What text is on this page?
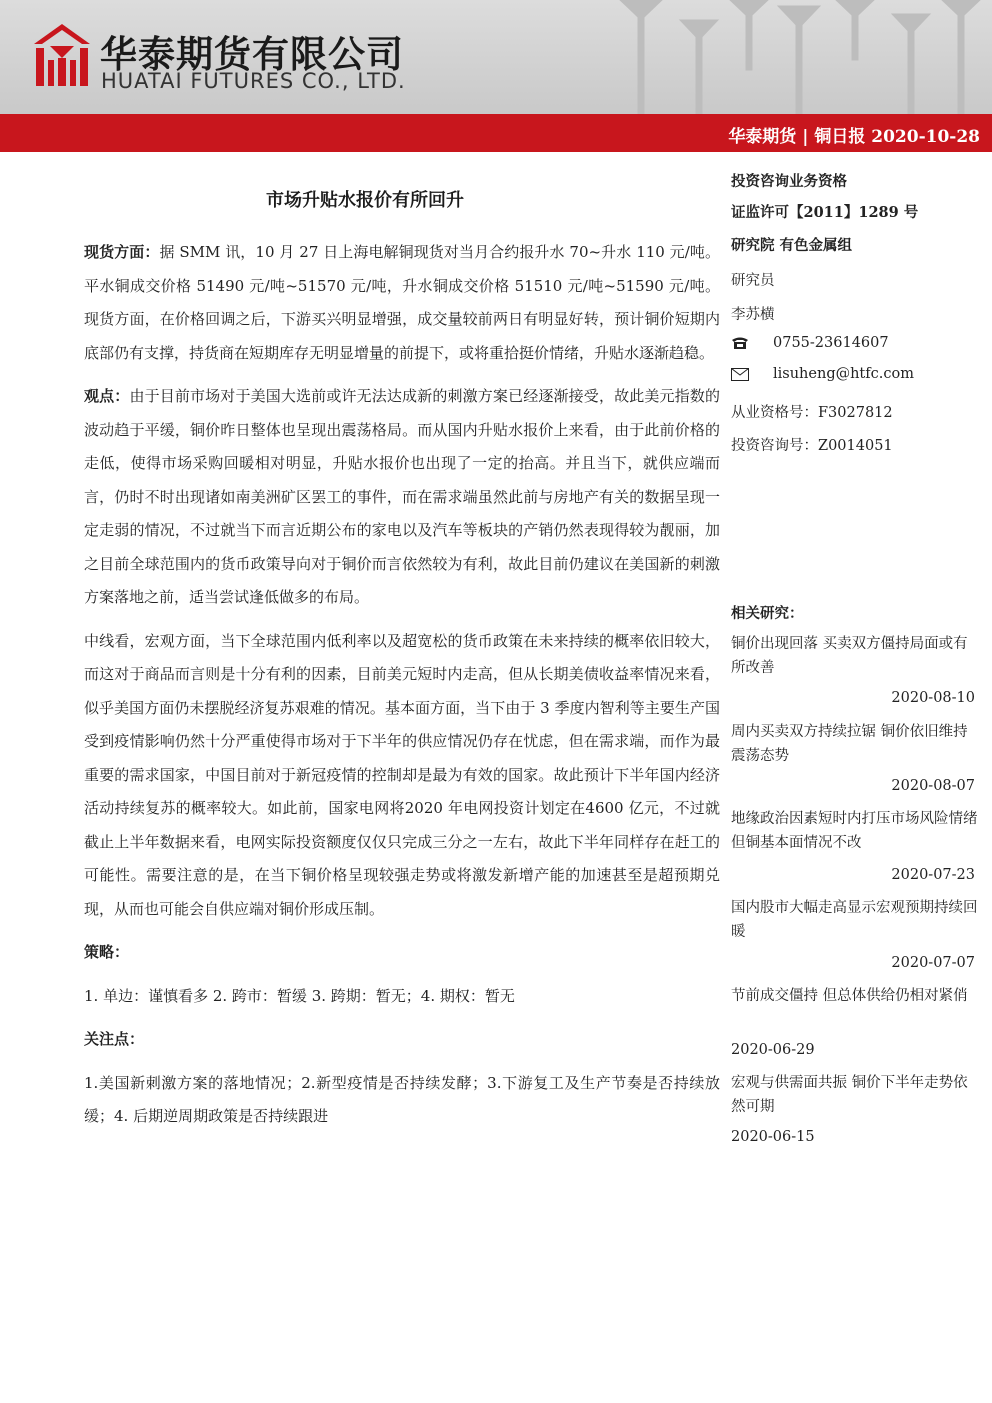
华泰期货有限公司
HUATAI FUTURES CO., LTD.
华泰期货 | 铜日报 2020-10-28
市场升贴水报价有所回升

现货方面：据 SMM 讯，10 月 27 日上海电解铜现货对当月合约报升水 70~升水 110 元/吨。平水铜成交价格 51490 元/吨~51570 元/吨，升水铜成交价格 51510 元/吨~51590 元/吨。现货方面，在价格回调之后，下游买兴明显增强，成交量较前两日有明显好转，预计铜价短期内底部仍有支撑，持货商在短期库存无明显增量的前提下，或将重拾挺价情绪，升贴水逐渐趋稳。

观点：由于目前市场对于美国大选前或许无法达成新的刺激方案已经逐渐接受，故此美元指数的波动趋于平缓，铜价昨日整体也呈现出震荡格局。而从国内升贴水报价上来看，由于此前价格的走低，使得市场采购回暖相对明显，升贴水报价也出现了一定的抬高。并且当下，就供应端而言，仍时不时出现诸如南美洲矿区罢工的事件，而在需求端虽然此前与房地产有关的数据呈现一定走弱的情况，不过就当下而言近期公布的家电以及汽车等板块的产销仍然表现得较为靓丽，加之目前全球范围内的货币政策导向对于铜价而言依然较为有利，故此目前仍建议在美国新的刺激方案落地之前，适当尝试逢低做多的布局。

中线看，宏观方面，当下全球范围内低利率以及超宽松的货币政策在未来持续的概率依旧较大，而这对于商品而言则是十分有利的因素，目前美元短时内走高，但从长期美债收益率情况来看，似乎美国方面仍未摆脱经济复苏艰难的情况。基本面方面，当下由于 3 季度内智利等主要生产国受到疫情影响仍然十分严重使得市场对于下半年的供应情况仍存在忧虑，但在需求端，而作为最重要的需求国家，中国目前对于新冠疫情的控制却是最为有效的国家。故此预计下半年国内经济活动持续复苏的概率较大。如此前，国家电网将2020 年电网投资计划定在4600 亿元，不过就截止上半年数据来看，电网实际投资额度仅仅只完成三分之一左右，故此下半年同样存在赶工的可能性。需要注意的是，在当下铜价格呈现较强走势或将激发新增产能的加速甚至是超预期兑现，从而也可能会自供应端对铜价形成压制。

策略：

1. 单边：谨慎看多 2. 跨市：暂缓 3. 跨期：暂无；4. 期权：暂无

关注点：

1.美国新刺激方案的落地情况；2.新型疫情是否持续发酵；3.下游复工及生产节奏是否持续放缓；4. 后期逆周期政策是否持续跟进

投资咨询业务资格
证监许可【2011】1289 号
研究院 有色金属组
研究员
李苏横
0755-23614607
lisuheng@htfc.com
从业资格号：F3027812
投资咨询号：Z0014051
相关研究：
铜价出现回落 买卖双方僵持局面或有所改善
2020-08-10
周内买卖双方持续拉锯 铜价依旧维持震荡态势
2020-08-07
地缘政治因素短时内打压市场风险情绪 但铜基本面情况不改
2020-07-23
国内股市大幅走高显示宏观预期持续回暖
2020-07-07
节前成交僵持 但总体供给仍相对紧俏
2020-06-29
宏观与供需面共振 铜价下半年走势依然可期
2020-06-15
